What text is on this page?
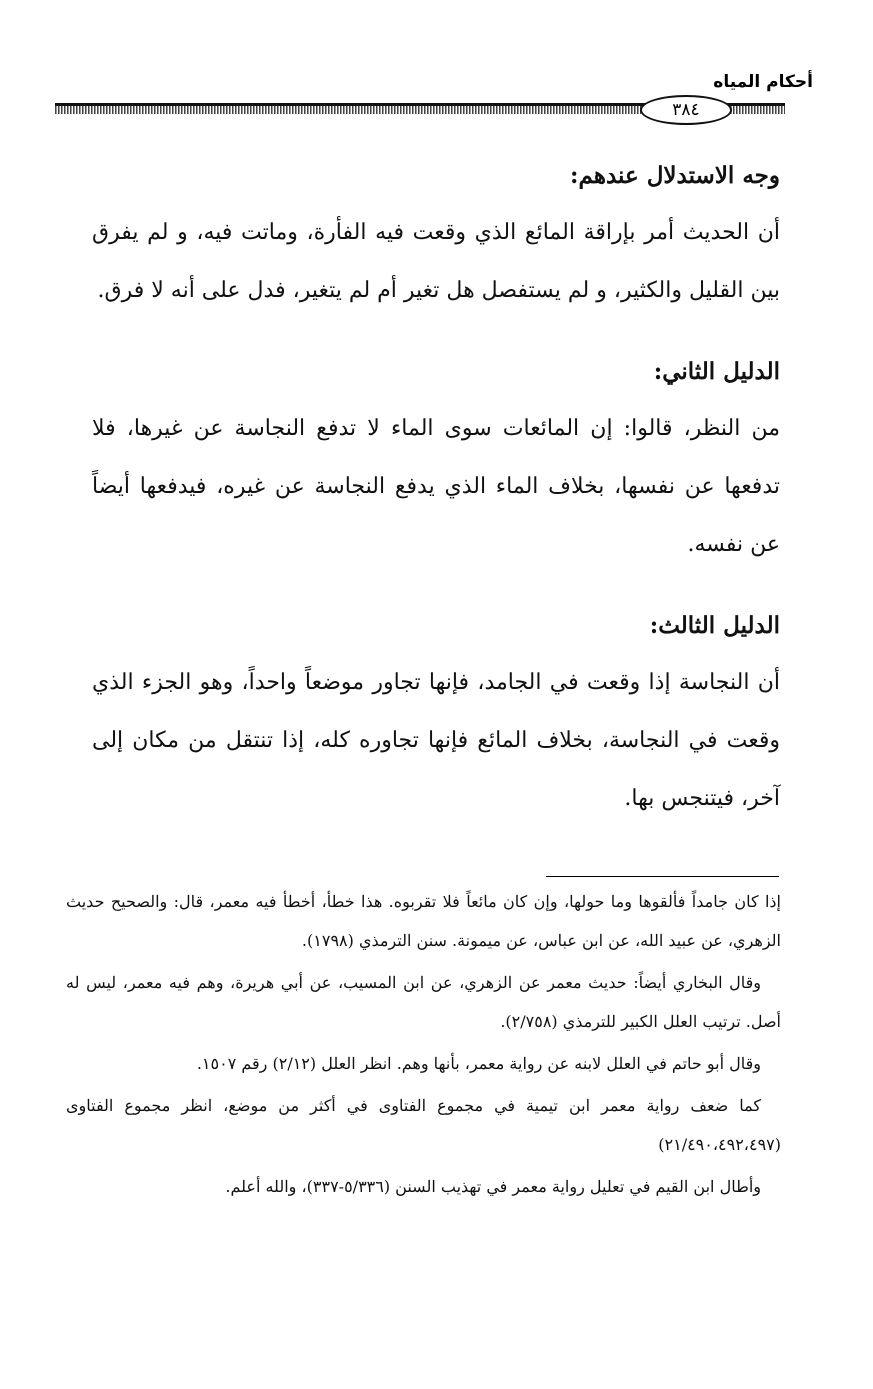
أحكام المياه
٣٨٤
وجه الاستدلال عندهم:

أن الحديث أمر بإراقة المائع الذي وقعت فيه الفأرة، وماتت فيه، و لم يفرق بين القليل والكثير، و لم يستفصل هل تغير أم لم يتغير، فدل على أنه لا فرق.

الدليل الثاني:

من النظر، قالوا: إن المائعات سوى الماء لا تدفع النجاسة عن غيرها، فلا تدفعها عن نفسها، بخلاف الماء الذي يدفع النجاسة عن غيره، فيدفعها أيضاً عن نفسه.

الدليل الثالث:

أن النجاسة إذا وقعت في الجامد، فإنها تجاور موضعاً واحداً، وهو الجزء الذي وقعت في النجاسة، بخلاف المائع فإنها تجاوره كله، إذا تنتقل من مكان إلى آخر، فيتنجس بها.

إذا كان جامداً فألقوها وما حولها، وإن كان مائعاً فلا تقربوه. هذا خطأ، أخطأ فيه معمر، قال: والصحيح حديث الزهري، عن عبيد الله، عن ابن عباس، عن ميمونة. سنن الترمذي (١٧٩٨).

وقال البخاري أيضاً: حديث معمر عن الزهري، عن ابن المسيب، عن أبي هريرة، وهم فيه معمر، ليس له أصل. ترتيب العلل الكبير للترمذي (٢/٧٥٨).

وقال أبو حاتم في العلل لابنه عن رواية معمر، بأنها وهم. انظر العلل (٢/١٢) رقم ١٥٠٧.

كما ضعف رواية معمر ابن تيمية في مجموع الفتاوى في أكثر من موضع، انظر مجموع الفتاوى (٢١/٤٩٠،٤٩٢،٤٩٧)

وأطال ابن القيم في تعليل رواية معمر في تهذيب السنن (٥/٣٣٦-٣٣٧)، والله أعلم.
